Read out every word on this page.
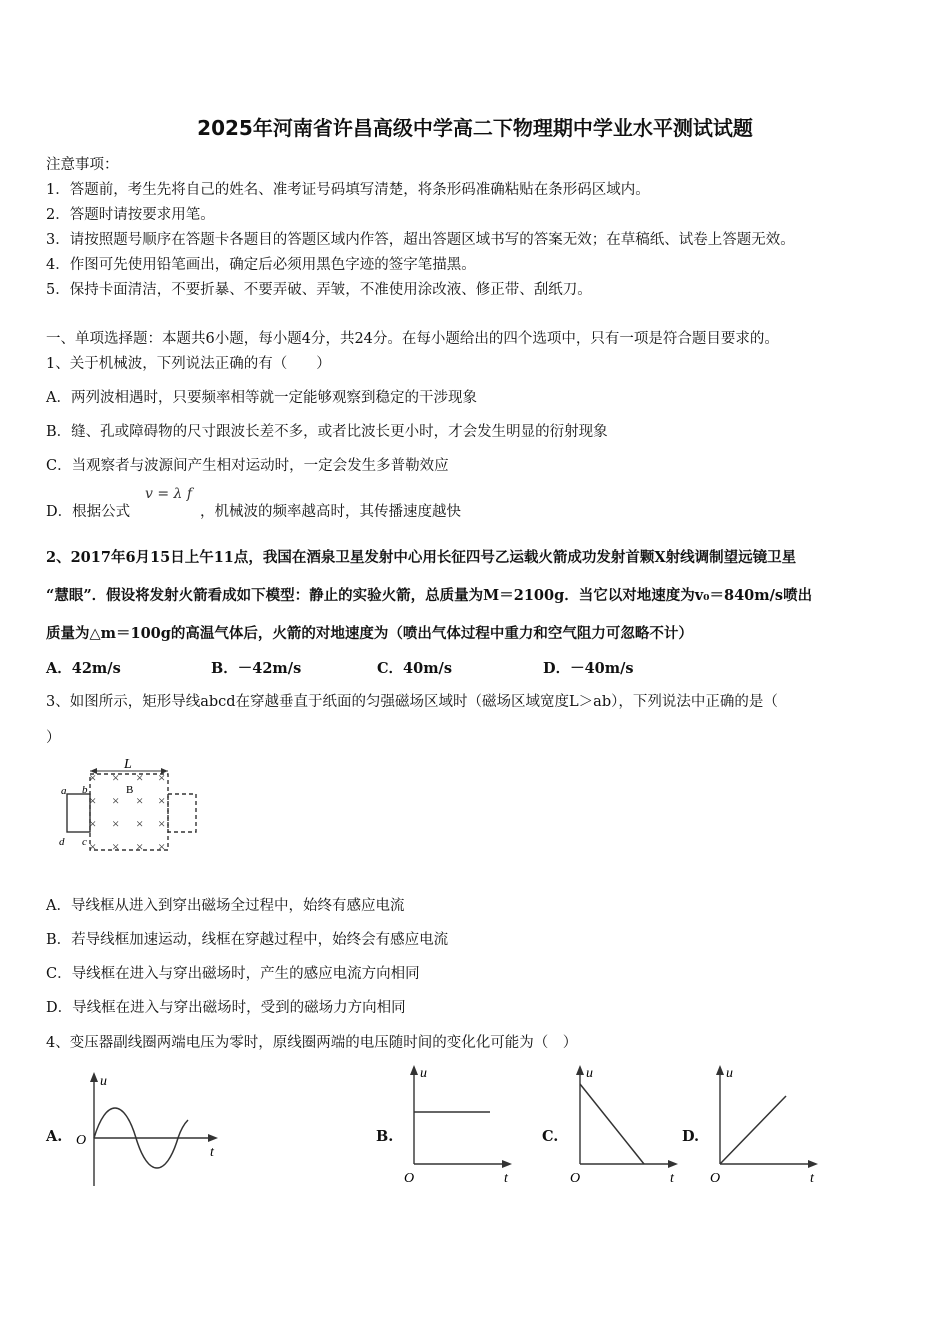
2025年河南省许昌高级中学高二下物理期中学业水平测试试题
注意事项：
1．答题前，考生先将自己的姓名、准考证号码填写清楚，将条形码准确粘贴在条形码区域内。
2．答题时请按要求用笔。
3．请按照题号顺序在答题卡各题目的答题区域内作答，超出答题区域书写的答案无效；在草稿纸、试卷上答题无效。
4．作图可先使用铅笔画出，确定后必须用黑色字迹的签字笔描黑。
5．保持卡面清洁，不要折暴、不要弄破、弄皱，不准使用涂改液、修正带、刮纸刀。
一、单项选择题：本题共6小题，每小题4分，共24分。在每小题给出的四个选项中，只有一项是符合题目要求的。
1、关于机械波，下列说法正确的有（　　）
A．两列波相遇时，只要频率相等就一定能够观察到稳定的干涉现象
B．缝、孔或障碍物的尺寸跟波长差不多，或者比波长更小时，才会发生明显的衍射现象
C．当观察者与波源间产生相对运动时，一定会发生多普勒效应
D．根据公式
v = λ f
，机械波的频率越高时，其传播速度越快
2、2017年6月15日上午11点，我国在酒泉卫星发射中心用长征四号乙运载火箭成功发射首颗X射线调制望远镜卫星
“慧眼”．假设将发射火箭看成如下模型：静止的实验火箭，总质量为M＝2100g．当它以对地速度为v₀＝840m/s喷出
质量为△m＝100g的高温气体后，火箭的对地速度为（喷出气体过程中重力和空气阻力可忽略不计）
A．42m/s	B．－42m/s	C．40m/s	D．－40m/s
3、如图所示，矩形导线abcd在穿越垂直于纸面的匀强磁场区域时（磁场区域宽度L＞ab），下列说法中正确的是（
）
L
a b
c
d
B
× × × ×
× × × ×
× × × ×
× × × ×
A．导线框从进入到穿出磁场全过程中，始终有感应电流
B．若导线框加速运动，线框在穿越过程中，始终会有感应电流
C．导线框在进入与穿出磁场时，产生的感应电流方向相同
D．导线框在进入与穿出磁场时，受到的磁场力方向相同
4、变压器副线圈两端电压为零时，原线圈两端的电压随时间的变化化可能为（　）
A.
u
t
O	B.
u
t
O
C.
u
t
O
D.
u
t
O
